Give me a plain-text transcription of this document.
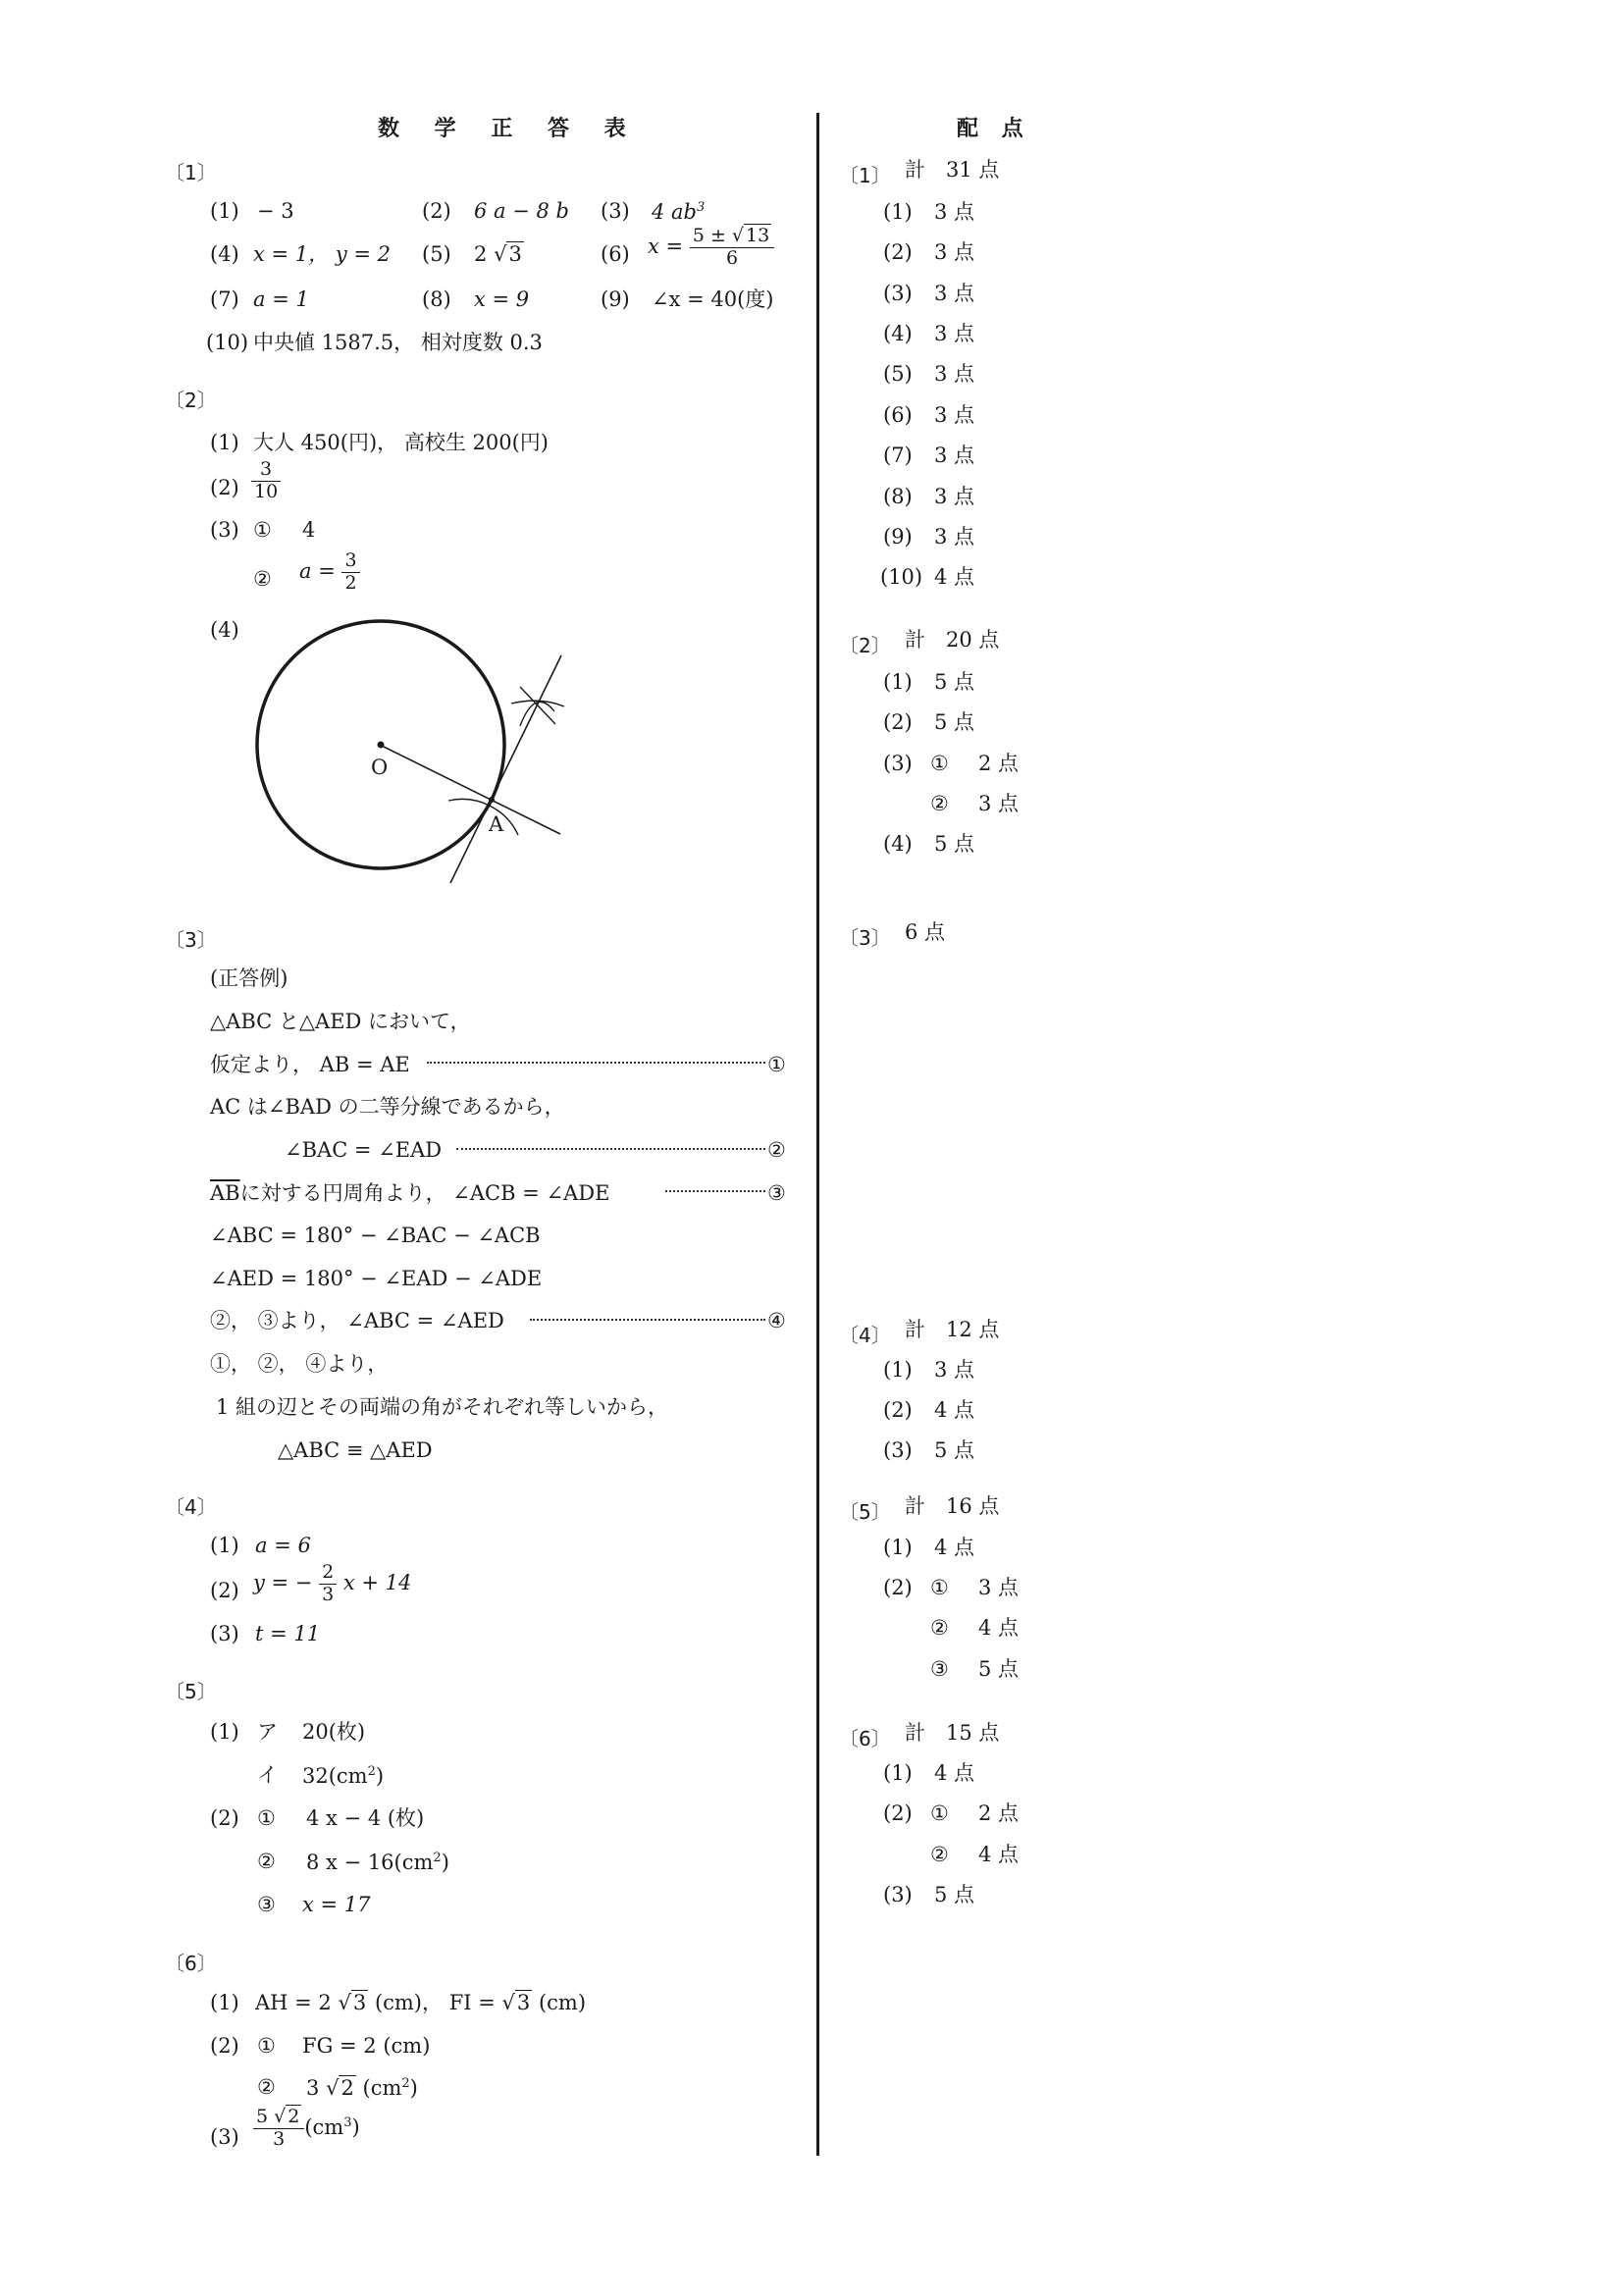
数 学 正 答 表
〔1〕
(1) − 3	(2) 6 a − 8 b (3) 4 $ab^3$
(4) x = 1， y = 2 (5) 2 √ 3	(6) $x = \frac{5 \pm √ 13}{6}$
(7) a = 1	(8) x = 9	(9) ∠x = 40(度)
(10) 中央値 1587.5， 相対度数 0.3
〔2〕
(1) 大人 450(円)， 高校生 200(円)
$(2) \frac{3}{10}$
(3) ① 4
② $a = \frac{3}{2}$
(4)
O
A
〔3〕
(正答例)
△ABC と△AED において，
仮定より， AB = AE	①
AC は∠BAD の二等分線であるから，
∠BAC = ∠EAD	②
$\overline{AB}$に対する円周角より， ∠ACB = ∠ADE	③
∠ABC = 180° − ∠BAC − ∠ACB
∠AED = 180° − ∠EAD − ∠ADE
②， ③より， ∠ABC = ∠AED	④
①， ②， ④より，
1 組の辺とその両端の角がそれぞれ等しいから，
△ABC ≡ △AED
〔4〕
(1) a = 6
(2) y = − $\frac{2}{3}$ x + 14
(3) t = 11
〔5〕
(1) ア 20(枚)
イ $32(cm^2)$
(2) ① 4 x − 4 (枚)
② 8 $x - 16(cm^2)$
③ x = 17
〔6〕
(1) AH = 2 √ 3 (cm)， FI = √ 3 (cm)
(2) ① FG = 2 (cm)
② 3 √ 2 $(cm^2)$
$(3) \frac{5 √ 2}{3} (cm^3)$
配 点
〔1〕 計　31 点
(1) 3 点
(2) 3 点
(3) 3 点
(4) 3 点
(5) 3 点
(6) 3 点
(7) 3 点
(8) 3 点
(9) 3 点
(10) 4 点
〔2〕 計　20 点
(1) 5 点
(2) 5 点
(3) ① 2 点
② 3 点
(4) 5 点
〔3〕 6 点
〔4〕 計　12 点
(1) 3 点
(2) 4 点
(3) 5 点
〔5〕 計　16 点
(1) 4 点
(2) ① 3 点
② 4 点
③ 5 点
〔6〕 計　15 点
(1) 4 点
(2) ① 2 点
② 4 点
(3) 5 点
